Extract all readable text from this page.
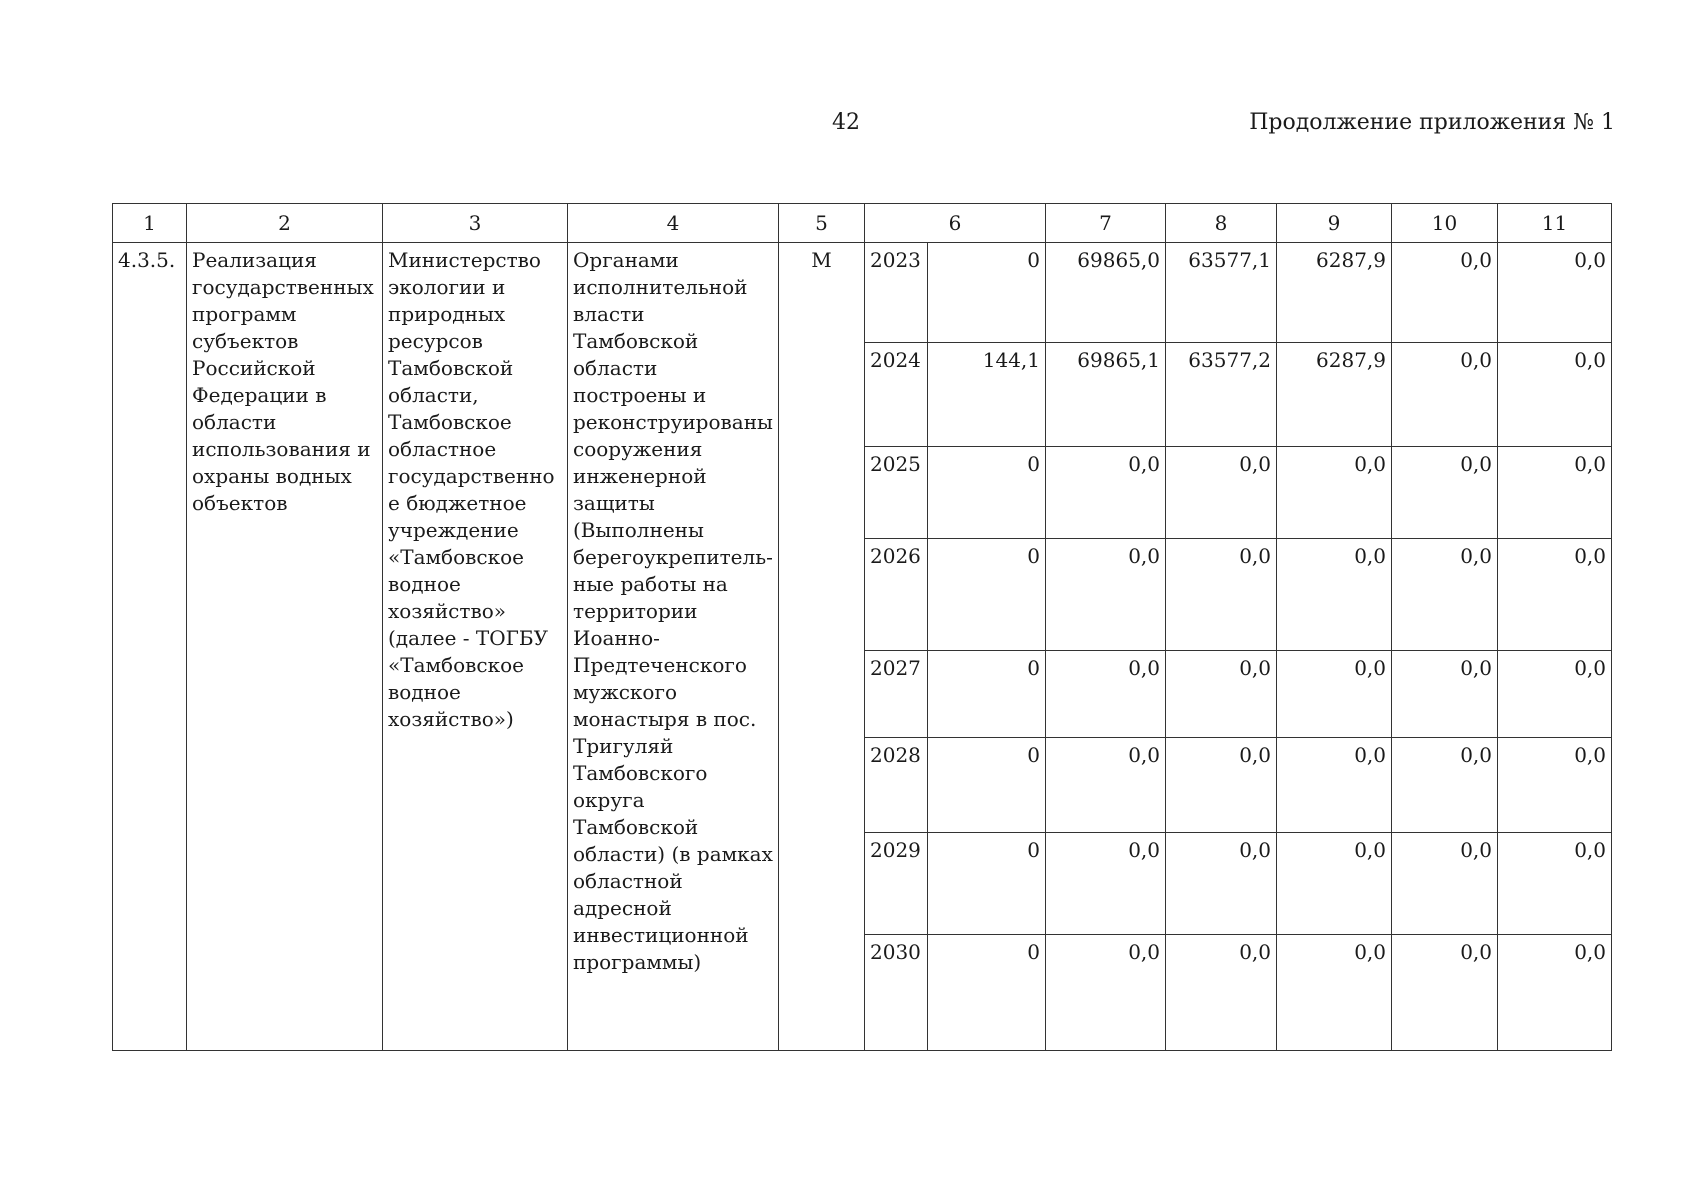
42	Продолжение приложения № 1
1	2	3	4	5	6		7	8	9	10	11
4.3.5.	Реализация государственных программ субъектов Российской Федерации в области использования и охраны водных объектов	Министерство экологии и природных ресурсов Тамбовской области, Тамбовское областное государственное бюджетное учреждение «Тамбовское водное хозяйство» (далее - ТОГБУ «Тамбовское водное хозяйство»)	Органами исполнительной власти Тамбовской области построены и реконструированы сооружения инженерной защиты (Выполнены берегоукрепитель-ные работы на территории Иоанно-Предтеченского мужского монастыря в пос. Тригуляй Тамбовского округа Тамбовской области) (в рамках областной адресной инвестиционной программы)	М	2023	0	69865,0	63577,1	6287,9	0,0	0,0
					2024	144,1	69865,1	63577,2	6287,9	0,0	0,0
					2025	0	0,0	0,0	0,0	0,0	0,0
					2026	0	0,0	0,0	0,0	0,0	0,0
					2027	0	0,0	0,0	0,0	0,0	0,0
					2028	0	0,0	0,0	0,0	0,0	0,0
					2029	0	0,0	0,0	0,0	0,0	0,0
					2030	0	0,0	0,0	0,0	0,0	0,0
